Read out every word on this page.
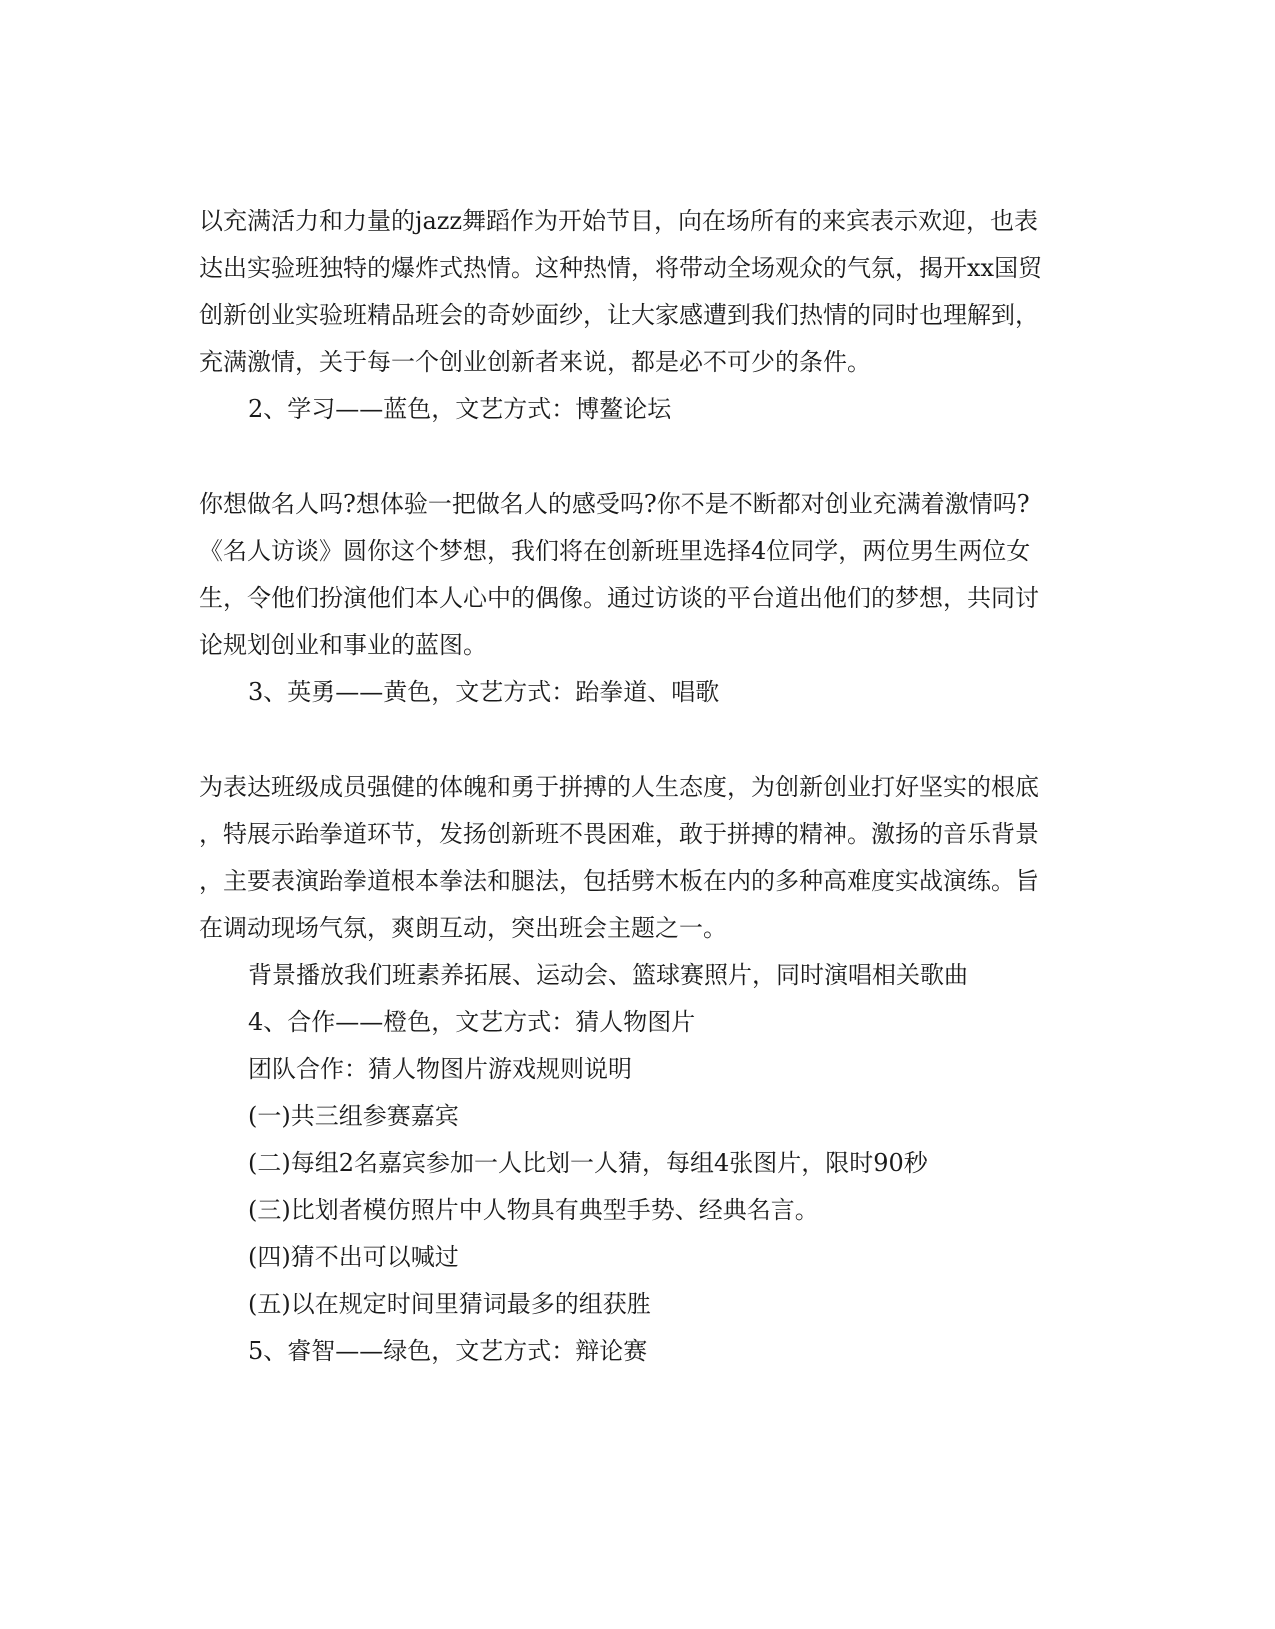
以充满活力和力量的jazz舞蹈作为开始节目，向在场所有的来宾表示欢迎，也表
达出实验班独特的爆炸式热情。这种热情，将带动全场观众的气氛，揭开xx国贸
创新创业实验班精品班会的奇妙面纱，让大家感遭到我们热情的同时也理解到，
充满激情，关于每一个创业创新者来说，都是必不可少的条件。
2、学习——蓝色，文艺方式：博鳌论坛
你想做名人吗?想体验一把做名人的感受吗?你不是不断都对创业充满着激情吗?
《名人访谈》圆你这个梦想，我们将在创新班里选择4位同学，两位男生两位女
生，令他们扮演他们本人心中的偶像。通过访谈的平台道出他们的梦想，共同讨
论规划创业和事业的蓝图。
3、英勇——黄色，文艺方式：跆拳道、唱歌
为表达班级成员强健的体魄和勇于拼搏的人生态度，为创新创业打好坚实的根底
，特展示跆拳道环节，发扬创新班不畏困难，敢于拼搏的精神。激扬的音乐背景
，主要表演跆拳道根本拳法和腿法，包括劈木板在内的多种高难度实战演练。旨
在调动现场气氛，爽朗互动，突出班会主题之一。
背景播放我们班素养拓展、运动会、篮球赛照片，同时演唱相关歌曲
4、合作——橙色，文艺方式：猜人物图片
团队合作：猜人物图片游戏规则说明
(一)共三组参赛嘉宾
(二)每组2名嘉宾参加一人比划一人猜，每组4张图片，限时90秒
(三)比划者模仿照片中人物具有典型手势、经典名言。
(四)猜不出可以喊过
(五)以在规定时间里猜词最多的组获胜
5、睿智——绿色，文艺方式：辩论赛
